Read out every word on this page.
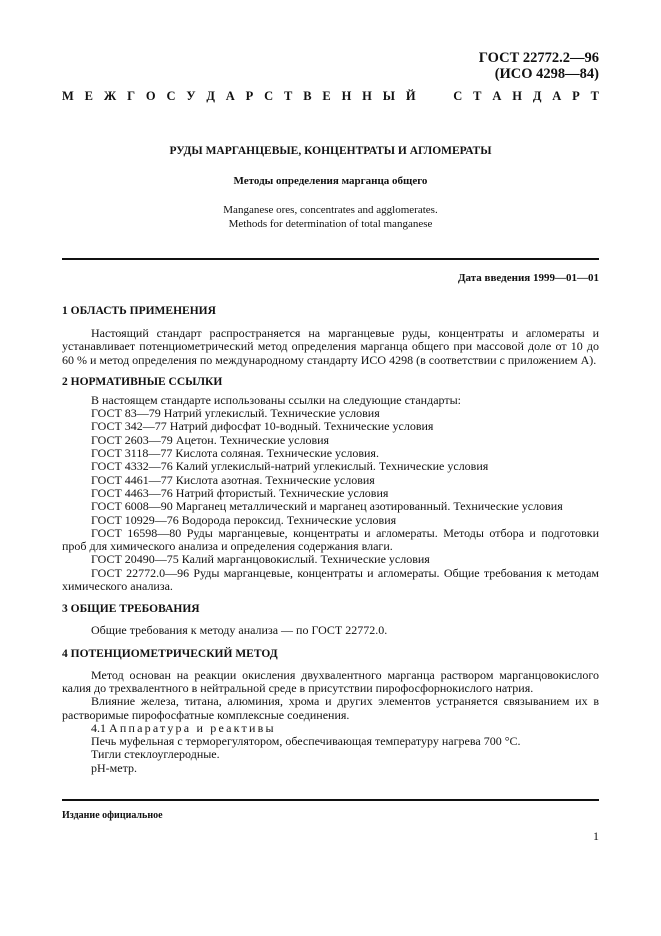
ГОСТ 22772.2—96
(ИСО 4298—84)
М Е Ж Г О С У Д А Р С Т В Е Н Н Ы Й	С Т А Н Д А Р Т
РУДЫ МАРГАНЦЕВЫЕ, КОНЦЕНТРАТЫ И АГЛОМЕРАТЫ
Методы определения марганца общего
Manganese ores, concentrates and agglomerates.
Methods for determination of total manganese
Дата введения 1999—01—01
1 ОБЛАСТЬ ПРИМЕНЕНИЯ

Настоящий стандарт распространяется на марганцевые руды, концентраты и агломераты и устанавливает потенциометрический метод определения марганца общего при массовой доле от 10 до 60 % и метод определения по международному стандарту ИСО 4298 (в соответствии с приложением А).

2 НОРМАТИВНЫЕ ССЫЛКИ
В настоящем стандарте использованы ссылки на следующие стандарты:
ГОСТ 83—79 Натрий углекислый. Технические условия
ГОСТ 342—77 Натрий дифосфат 10-водный. Технические условия
ГОСТ 2603—79 Ацетон. Технические условия
ГОСТ 3118—77 Кислота соляная. Технические условия.
ГОСТ 4332—76 Калий углекислый-натрий углекислый. Технические условия
ГОСТ 4461—77 Кислота азотная. Технические условия
ГОСТ 4463—76 Натрий фтористый. Технические условия
ГОСТ 6008—90 Марганец металлический и марганец азотированный. Технические условия
ГОСТ 10929—76 Водорода пероксид. Технические условия

ГОСТ 16598—80 Руды марганцевые, концентраты и агломераты. Методы отбора и подготовки проб для химического анализа и определения содержания влаги.

ГОСТ 20490—75 Калий марганцовокислый. Технические условия

ГОСТ 22772.0—96 Руды марганцевые, концентраты и агломераты. Общие требования к методам химического анализа.

3 ОБЩИЕ ТРЕБОВАНИЯ

Общие требования к методу анализа — по ГОСТ 22772.0.

4 ПОТЕНЦИОМЕТРИЧЕСКИЙ МЕТОД

Метод основан на реакции окисления двухвалентного марганца раствором марганцовокислого калия до трехвалентного в нейтральной среде в присутствии пирофосфорнокислого натрия.

Влияние железа, титана, алюминия, хрома и других элементов устраняется связыванием их в растворимые пирофосфатные комплексные соединения.

4.1 Аппаратура и реактивы
Печь муфельная с терморегулятором, обеспечивающая температуру нагрева 700 °С.
Тигли стеклоуглеродные.
рН-метр.
Издание официальное
1
